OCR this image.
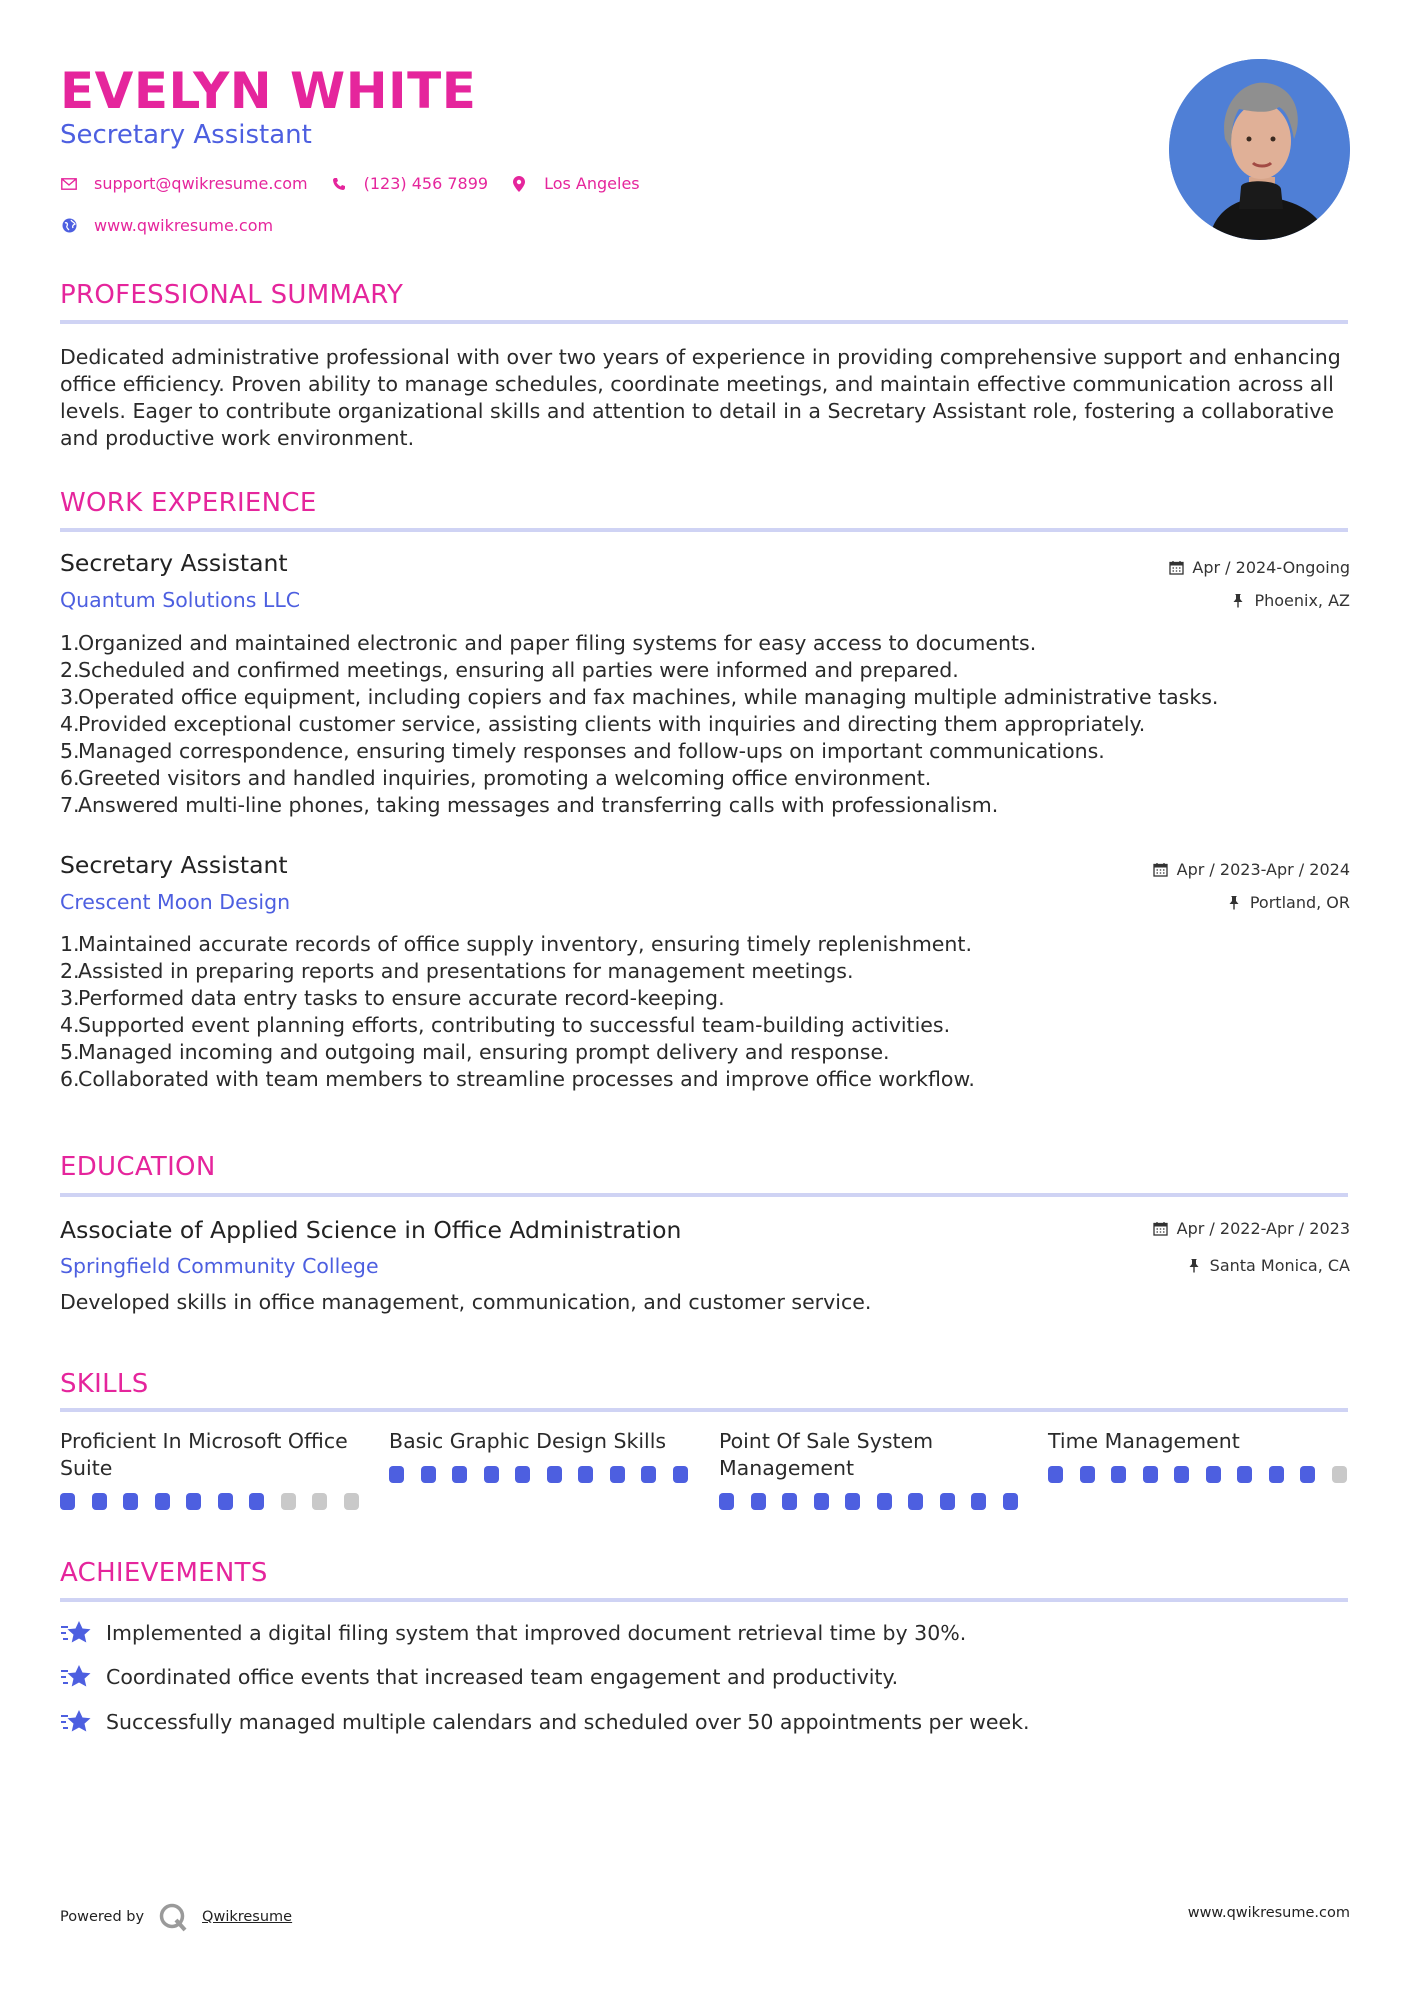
EVELYN WHITE
Secretary Assistant
support@qwikresume.com	(123) 456 7899	Los Angeles
www.qwikresume.com
PROFESSIONAL SUMMARY
Dedicated administrative professional with over two years of experience in providing comprehensive support and enhancing office efficiency. Proven ability to manage schedules, coordinate meetings, and maintain effective communication across all levels. Eager to contribute organizational skills and attention to detail in a Secretary Assistant role, fostering a collaborative and productive work environment.
WORK EXPERIENCE
Secretary Assistant
Quantum Solutions LLC
Apr / 2024-Ongoing
Phoenix, AZ
1.
Organized and maintained electronic and paper filing systems for easy access to documents.
2.
Scheduled and confirmed meetings, ensuring all parties were informed and prepared.
3.
Operated office equipment, including copiers and fax machines, while managing multiple administrative tasks.
4.
Provided exceptional customer service, assisting clients with inquiries and directing them appropriately.
5.
Managed correspondence, ensuring timely responses and follow-ups on important communications.
6.
Greeted visitors and handled inquiries, promoting a welcoming office environment.
7.
Answered multi-line phones, taking messages and transferring calls with professionalism.
Secretary Assistant
Crescent Moon Design
Apr / 2023-Apr / 2024
Portland, OR
1.
Maintained accurate records of office supply inventory, ensuring timely replenishment.
2.
Assisted in preparing reports and presentations for management meetings.
3.
Performed data entry tasks to ensure accurate record-keeping.
4.
Supported event planning efforts, contributing to successful team-building activities.
5.
Managed incoming and outgoing mail, ensuring prompt delivery and response.
6.
Collaborated with team members to streamline processes and improve office workflow.
EDUCATION
Associate of Applied Science in Office Administration
Springfield Community College
Apr / 2022-Apr / 2023
Santa Monica, CA
Developed skills in office management, communication, and customer service.
SKILLS
Proficient In Microsoft Office Suite
Basic Graphic Design Skills	Point Of Sale System Management
Time Management
ACHIEVEMENTS
Implemented a digital filing system that improved document retrieval time by 30%.
Coordinated office events that increased team engagement and productivity.
Successfully managed multiple calendars and scheduled over 50 appointments per week.
Powered by	Qwikresume	www.qwikresume.com
